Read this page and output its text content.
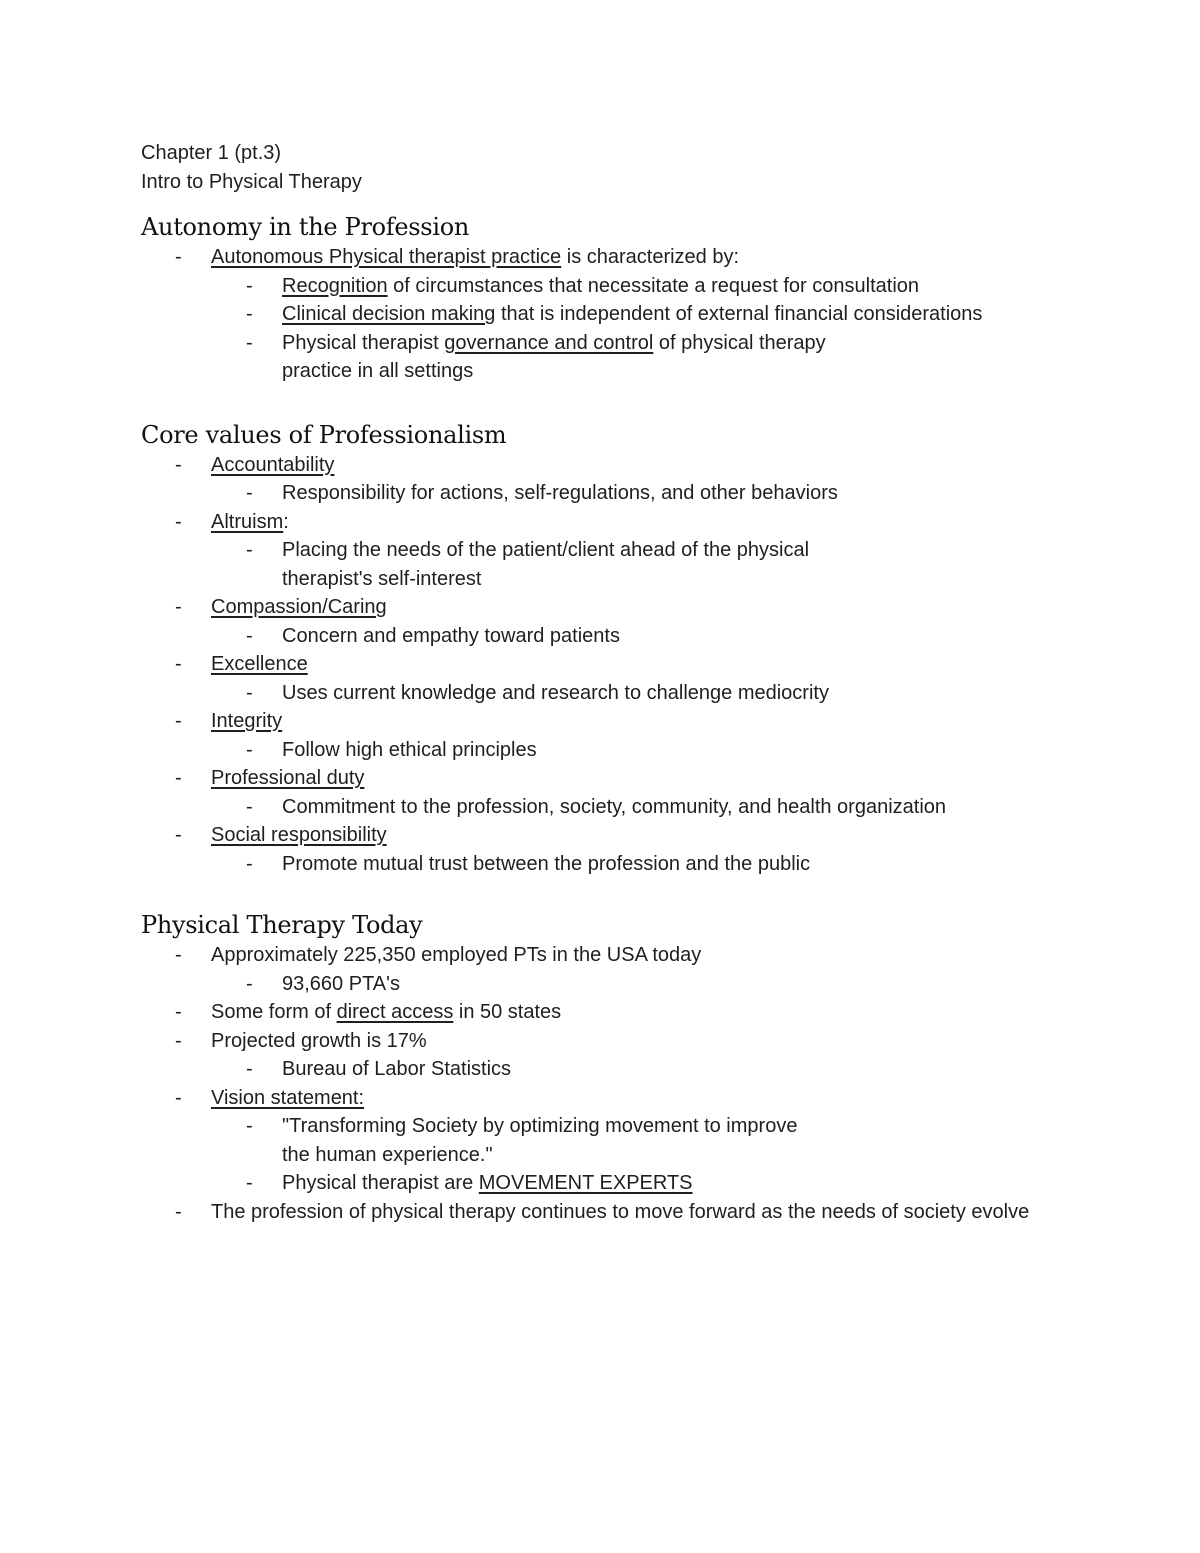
Chapter 1 (pt.3)
Intro to Physical Therapy
Autonomy in the Profession
-	Autonomous Physical therapist practice is characterized by:
-	Recognition of circumstances that necessitate a request for consultation
-	Clinical decision making that is independent of external financial considerations
-	Physical therapist governance and control of physical therapy practice in all settings
Core values of Professionalism
-	Accountability
-	Responsibility for actions, self-regulations, and other behaviors
-	Altruism:
-	Placing the needs of the patient/client ahead of the physical therapist's self-interest
-	Compassion/Caring
-	Concern and empathy toward patients
-	Excellence
-	Uses current knowledge and research to challenge mediocrity
-	Integrity
-	Follow high ethical principles
-	Professional duty
-	Commitment to the profession, society, community, and health organization
-	Social responsibility
-	Promote mutual trust between the profession and the public
Physical Therapy Today
-	Approximately 225,350 employed PTs in the USA today
-	93,660 PTA's
-	Some form of direct access in 50 states
-	Projected growth is 17%
-	Bureau of Labor Statistics
-	Vision statement:
-	"Transforming Society by optimizing movement to improve the human experience."
-	Physical therapist are MOVEMENT EXPERTS
-	The profession of physical therapy continues to move forward as the needs of society evolve
